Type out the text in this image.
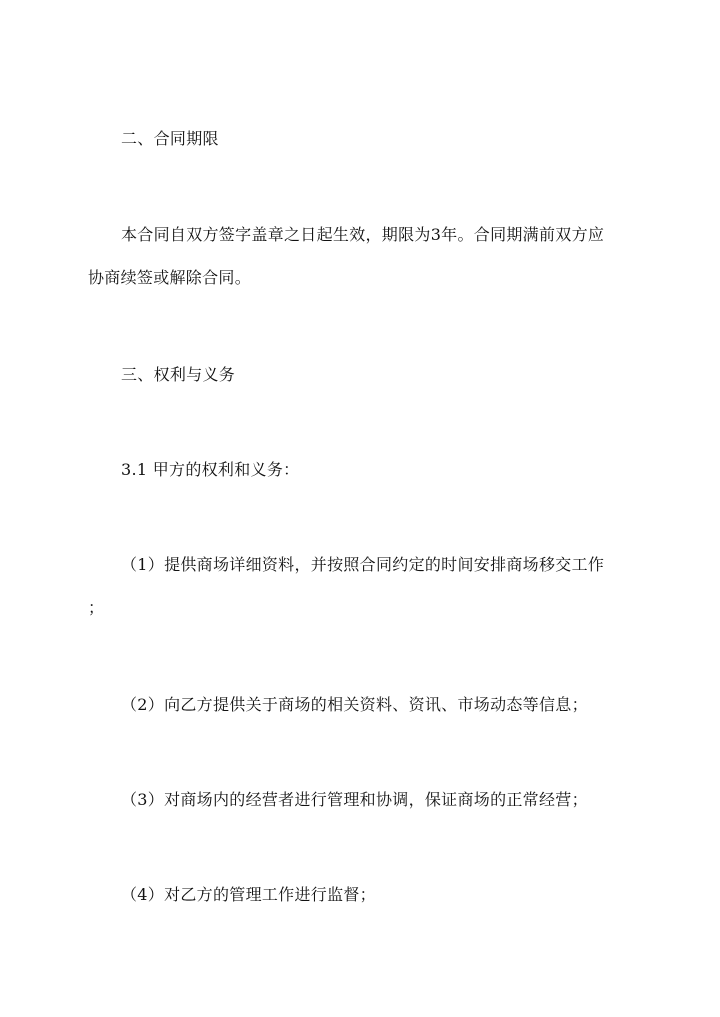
二、合同期限
本合同自双方签字盖章之日起生效，期限为3年。合同期满前双方应
协商续签或解除合同。
三、权利与义务
3.1 甲方的权利和义务：
（1）提供商场详细资料，并按照合同约定的时间安排商场移交工作
；
（2）向乙方提供关于商场的相关资料、资讯、市场动态等信息；
（3）对商场内的经营者进行管理和协调，保证商场的正常经营；
（4）对乙方的管理工作进行监督；
